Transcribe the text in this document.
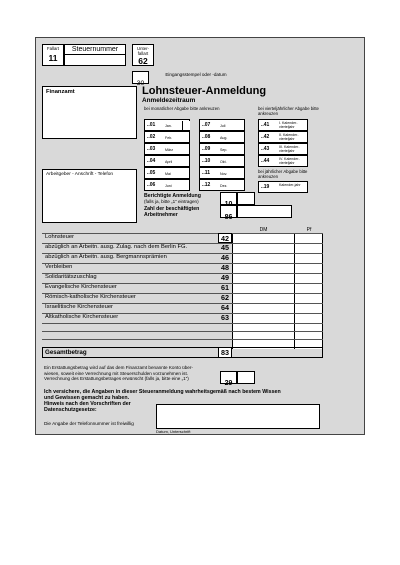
Fallart
11
Steuernummer	Unter-fallart
62
30
Eingangsstempel oder -datum
Finanzamt
Arbeitgeber - Anschrift - Telefon
Lohnsteuer-Anmeldung
Anmeldezeitraum
bei monatlicher Abgabe bitte ankreuzen	bei vierteljährlicher Abgabe bitte ankreuzen
..01	Jan.
..02	Feb.
..03	März
..04	April
..05	Mai
..06	Juni
..07	Juli
..08	Aug.
..09	Sep.
..10	Okt.
..11	Nov.
..12	Dez.
..41	I. Kalender-vierteljahr
..42	II. Kalender-vierteljahr
..43	III. Kalender-vierteljahr
..44	IV. Kalender-vierteljahr
bei jährlicher Abgabe bitte ankreuzen
..19	Kalender-jahr
Berichtigte Anmeldung
(falls ja, bitte „1“ eintragen)
Zahl der beschäftigten Arbeitnehmer	86
DM	Pf
Lohnsteuer	42
abzüglich an Arbeitn. ausg. Zulag. nach dem Berlin FG.	45
abzüglich an Arbeitn. ausg. Bergmannsprämien	46
Verbleiben	48
Solidaritätszuschlag	49
Evangelische Kirchensteuer	61
Römisch-katholische Kirchensteuer	62
Israelitische Kirchensteuer	64
Altkatholische Kirchensteuer	63
Gesamtbetrag	83
Ein Erstattungsbetrag wird auf das dem Finanzamt benannte Konto über-
wiesen, soweit eine Verrechnung mit Steuerschulden vorzunehmen ist.
Verrechnung des Erstattungsbetrages erwünscht (falls ja, bitte eine „1“)
29
Ich versichere, die Angaben in dieser Steueranmeldung wahrheitsgemäß nach bestem Wissen
und Gewissen gemacht zu haben.
Hinweis nach den Vorschriften der
Datenschutzgesetze:
Die Angabe der Telefonnummer ist freiwillig
Datum, Unterschrift
